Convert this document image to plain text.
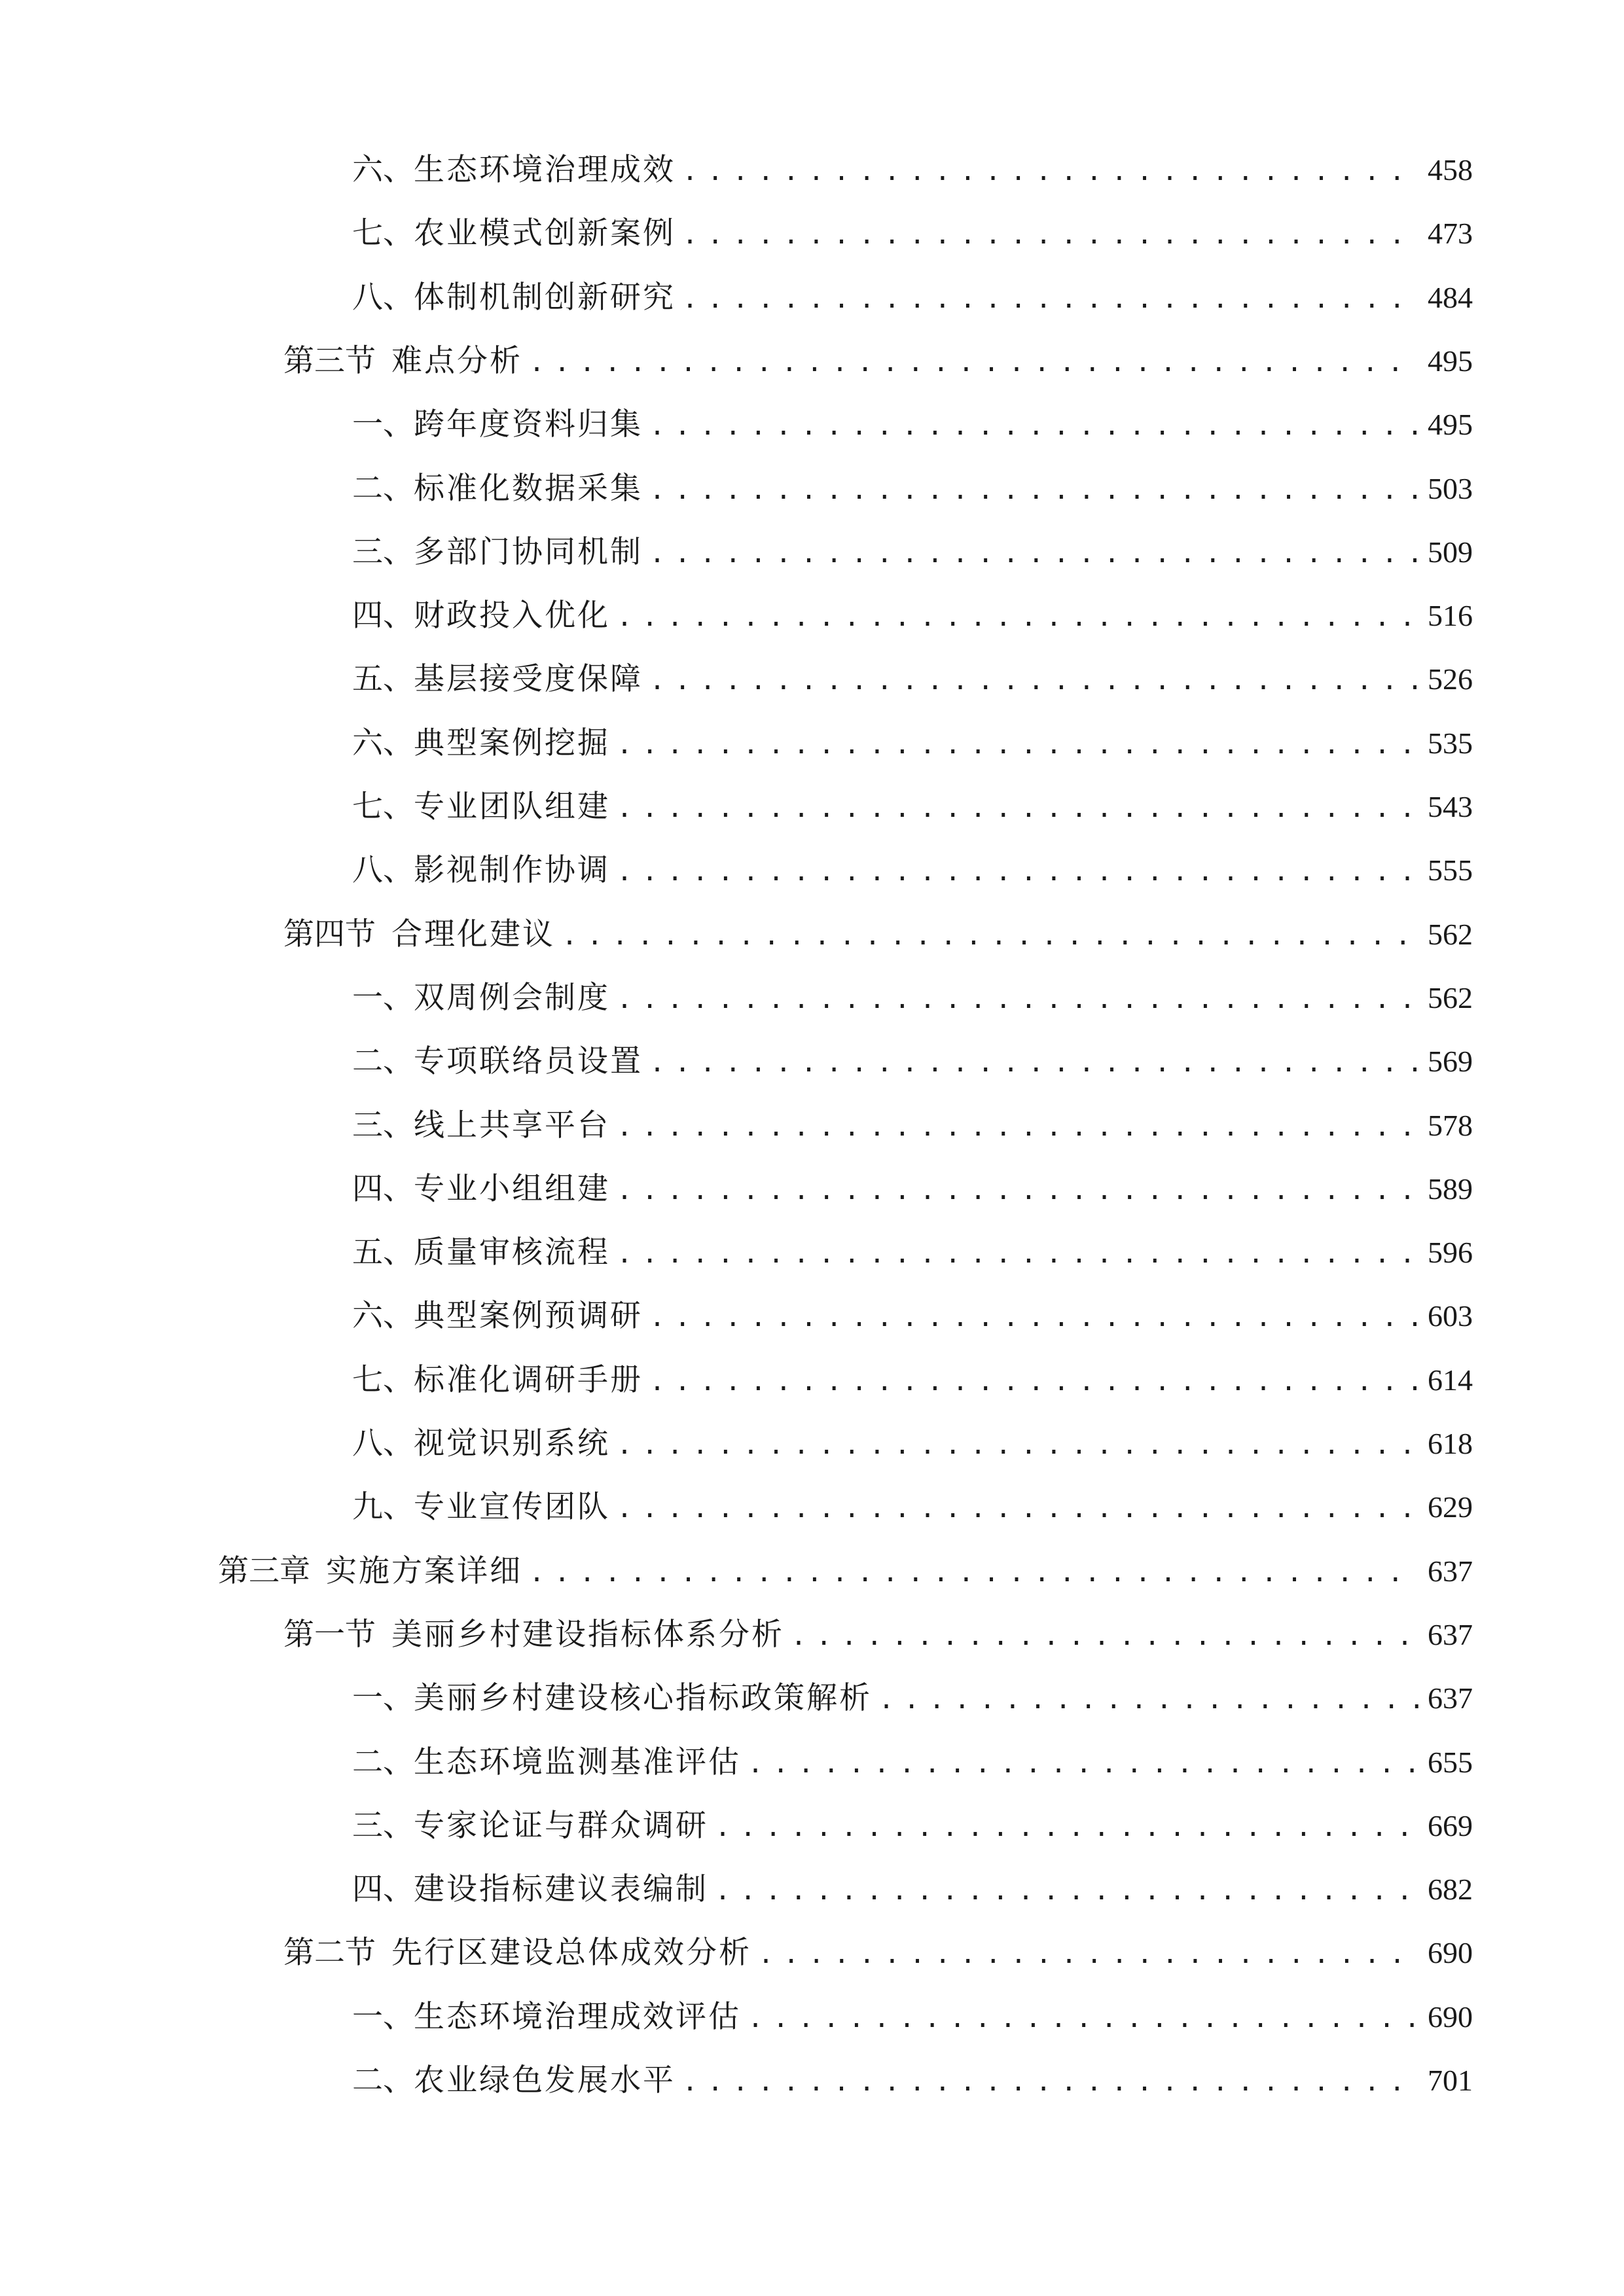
六、 生态环境治理成效 .....	458
七、 农业模式创新案例 .....	473
八、 体制机制创新研究 .....	484
第三节 难点分析 .....	495
一、 跨年度资料归集 .....	495
二、 标准化数据采集 .....	503
三、 多部门协同机制 .....	509
四、 财政投入优化 .....	516
五、 基层接受度保障 .....	526
六、 典型案例挖掘 .....	535
七、 专业团队组建 .....	543
八、 影视制作协调 .....	555
第四节 合理化建议 .....	562
一、 双周例会制度 .....	562
二、 专项联络员设置 .....	569
三、 线上共享平台 .....	578
四、 专业小组组建 .....	589
五、 质量审核流程 .....	596
六、 典型案例预调研 .....	603
七、 标准化调研手册 .....	614
八、 视觉识别系统 .....	618
九、 专业宣传团队 .....	629
第三章 实施方案详细 .....	637
第一节 美丽乡村建设指标体系分析 .....	637
一、 美丽乡村建设核心指标政策解析 .....	637
二、 生态环境监测基准评估 .....	655
三、 专家论证与群众调研 .....	669
四、 建设指标建议表编制 .....	682
第二节 先行区建设总体成效分析 .....	690
一、 生态环境治理成效评估 .....	690
二、 农业绿色发展水平 .....	701
